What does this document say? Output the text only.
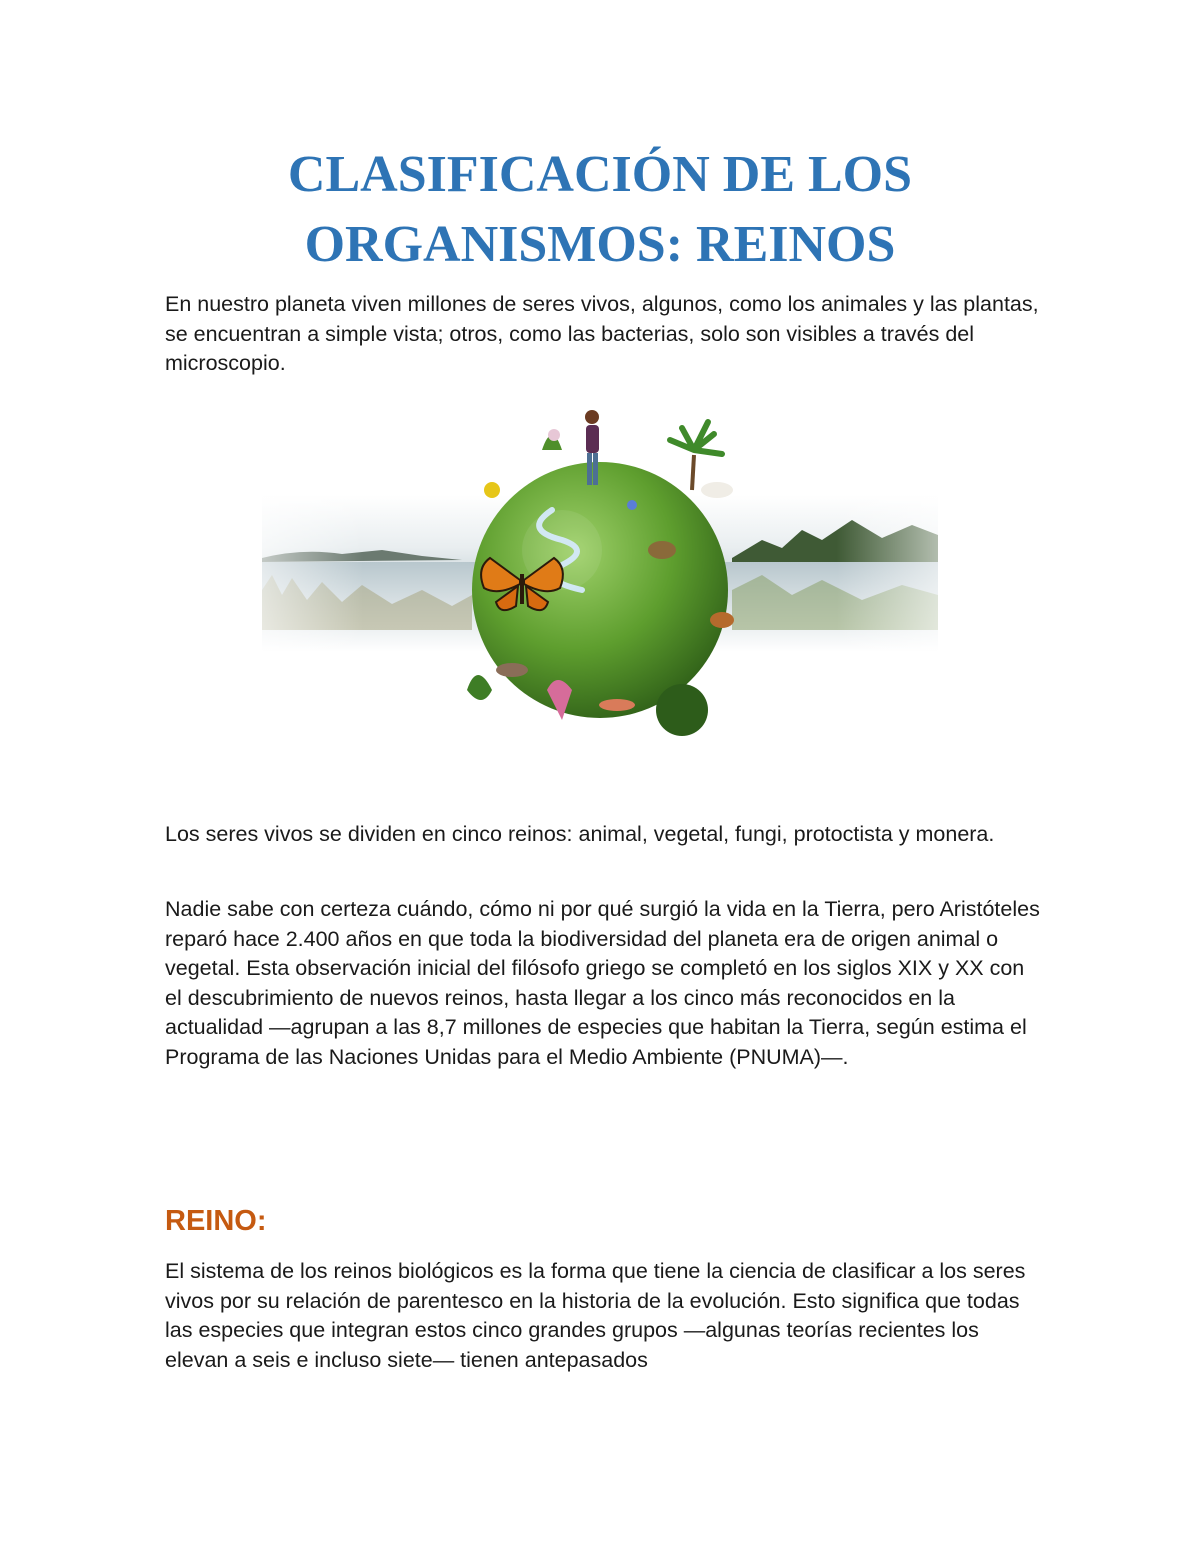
CLASIFICACIÓN DE LOS
ORGANISMOS: REINOS

En nuestro planeta viven millones de seres vivos, algunos, como los animales y las plantas, se encuentran a simple vista; otros, como las bacterias, solo son visibles a través del microscopio.

Los seres vivos se dividen en cinco reinos: animal, vegetal, fungi, protoctista y monera.

Nadie sabe con certeza cuándo, cómo ni por qué surgió la vida en la Tierra, pero Aristóteles reparó hace 2.400 años en que toda la biodiversidad del planeta era de origen animal o vegetal. Esta observación inicial del filósofo griego se completó en los siglos XIX y XX con el descubrimiento de nuevos reinos, hasta llegar a los cinco más reconocidos en la actualidad —agrupan a las 8,7 millones de especies que habitan la Tierra, según estima el Programa de las Naciones Unidas para el Medio Ambiente (PNUMA)—.

REINO:

El sistema de los reinos biológicos es la forma que tiene la ciencia de clasificar a los seres vivos por su relación de parentesco en la historia de la evolución. Esto significa que todas las especies que integran estos cinco grandes grupos —algunas teorías recientes los elevan a seis e incluso siete— tienen antepasados
